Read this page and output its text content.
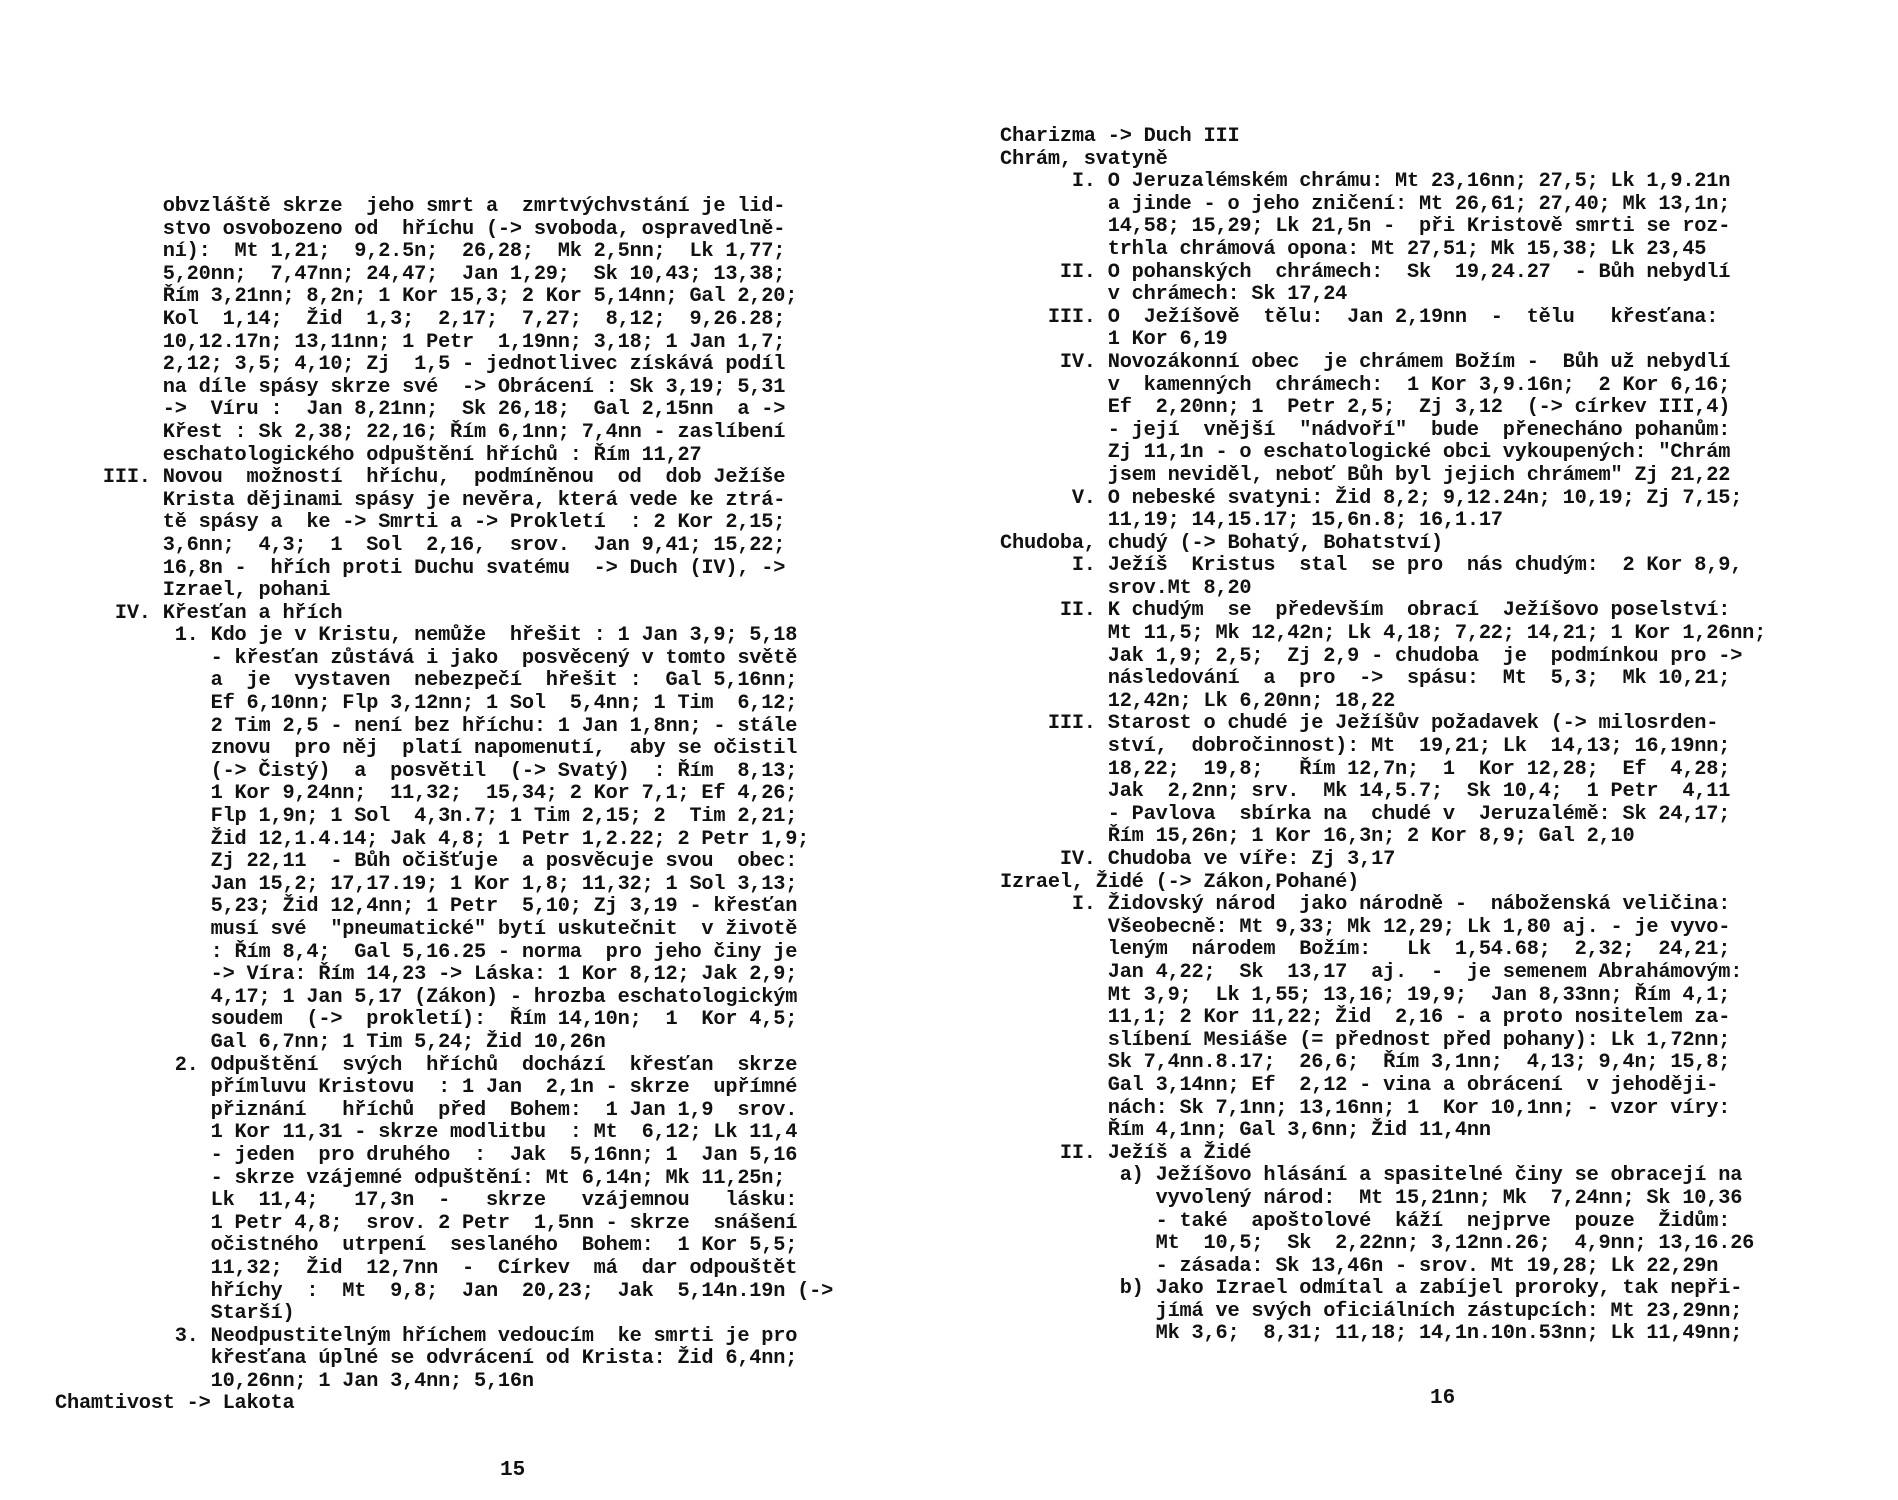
obvzláště skrze  jeho smrt a  zmrtvýchvstání je lid-
stvo osvobozeno od  hříchu (-> svoboda, ospravedlně-
ní):  Mt 1,21;  9,2.5n;  26,28;  Mk 2,5nn;  Lk 1,77;
5,20nn;  7,47nn; 24,47;  Jan 1,29;  Sk 10,43; 13,38;
Řím 3,21nn; 8,2n; 1 Kor 15,3; 2 Kor 5,14nn; Gal 2,20;
Kol  1,14;  Žid  1,3;  2,17;  7,27;  8,12;  9,26.28;
10,12.17n; 13,11nn; 1 Petr  1,19nn; 3,18; 1 Jan 1,7;
2,12; 3,5; 4,10; Zj  1,5 - jednotlivec získává podíl
na díle spásy skrze své  -> Obrácení : Sk 3,19; 5,31
->  Víru :  Jan 8,21nn;  Sk 26,18;  Gal 2,15nn  a ->
Křest : Sk 2,38; 22,16; Řím 6,1nn; 7,4nn - zaslíbení
eschatologického odpuštění hříchů : Řím 11,27
III. Novou  možností  hříchu,  podmíněnou  od  dob Ježíše
Krista dějinami spásy je nevěra, která vede ke ztrá-
tě spásy a  ke -> Smrti a -> Prokletí  : 2 Kor 2,15;
3,6nn;  4,3;  1  Sol  2,16,  srov.  Jan 9,41; 15,22;
16,8n -  hřích proti Duchu svatému  -> Duch (IV), ->
Izrael, pohani
IV. Křesťan a hřích
1. Kdo je v Kristu, nemůže  hřešit : 1 Jan 3,9; 5,18
- křesťan zůstává i jako  posvěcený v tomto světě
a  je  vystaven  nebezpečí  hřešit :  Gal 5,16nn;
Ef 6,10nn; Flp 3,12nn; 1 Sol  5,4nn; 1 Tim  6,12;
2 Tim 2,5 - není bez hříchu: 1 Jan 1,8nn; - stále
znovu  pro něj  platí napomenutí,  aby se očistil
(-> Čistý)  a  posvětil  (-> Svatý)  : Řím  8,13;
1 Kor 9,24nn;  11,32;  15,34; 2 Kor 7,1; Ef 4,26;
Flp 1,9n; 1 Sol  4,3n.7; 1 Tim 2,15; 2  Tim 2,21;
Žid 12,1.4.14; Jak 4,8; 1 Petr 1,2.22; 2 Petr 1,9;
Zj 22,11  - Bůh očišťuje  a posvěcuje svou  obec:
Jan 15,2; 17,17.19; 1 Kor 1,8; 11,32; 1 Sol 3,13;
5,23; Žid 12,4nn; 1 Petr  5,10; Zj 3,19 - křesťan
musí své  "pneumatické" bytí uskutečnit  v životě
: Řím 8,4;  Gal 5,16.25 - norma  pro jeho činy je
-> Víra: Řím 14,23 -> Láska: 1 Kor 8,12; Jak 2,9;
4,17; 1 Jan 5,17 (Zákon) - hrozba eschatologickým
soudem  (->  prokletí):  Řím 14,10n;  1  Kor 4,5;
Gal 6,7nn; 1 Tim 5,24; Žid 10,26n
2. Odpuštění  svých  hříchů  dochází  křesťan  skrze
přímluvu Kristovu  : 1 Jan  2,1n - skrze  upřímné
přiznání   hříchů  před  Bohem:  1 Jan 1,9  srov.
1 Kor 11,31 - skrze modlitbu  : Mt  6,12; Lk 11,4
- jeden  pro druhého  :  Jak  5,16nn; 1  Jan 5,16
- skrze vzájemné odpuštění: Mt 6,14n; Mk 11,25n;
Lk  11,4;   17,3n  -   skrze   vzájemnou   lásku:
1 Petr 4,8;  srov. 2 Petr  1,5nn - skrze  snášení
očistného  utrpení  seslaného  Bohem:  1 Kor 5,5;
11,32;  Žid  12,7nn  -  Církev  má  dar odpouštět
hříchy  :  Mt  9,8;  Jan  20,23;  Jak  5,14n.19n (->
Starší)
3. Neodpustitelným hříchem vedoucím  ke smrti je pro
křesťana úplné se odvrácení od Krista: Žid 6,4nn;
10,26nn; 1 Jan 3,4nn; 5,16n
Chamtivost -> Lakota
Charizma -> Duch III
Chrám, svatyně
I. O Jeruzalémském chrámu: Mt 23,16nn; 27,5; Lk 1,9.21n
a jinde - o jeho zničení: Mt 26,61; 27,40; Mk 13,1n;
14,58; 15,29; Lk 21,5n -  při Kristově smrti se roz-
trhla chrámová opona: Mt 27,51; Mk 15,38; Lk 23,45
II. O pohanských  chrámech:  Sk  19,24.27  - Bůh nebydlí
v chrámech: Sk 17,24
III. O  Ježíšově  tělu:  Jan 2,19nn  -  tělu   křesťana:
1 Kor 6,19
IV. Novozákonní obec  je chrámem Božím -  Bůh už nebydlí
v  kamenných  chrámech:  1 Kor 3,9.16n;  2 Kor 6,16;
Ef  2,20nn; 1  Petr 2,5;  Zj 3,12  (-> církev III,4)
- její  vnější  "nádvoří"  bude  přenecháno pohanům:
Zj 11,1n - o eschatologické obci vykoupených: "Chrám
jsem neviděl, neboť Bůh byl jejich chrámem" Zj 21,22
V. O nebeské svatyni: Žid 8,2; 9,12.24n; 10,19; Zj 7,15;
11,19; 14,15.17; 15,6n.8; 16,1.17
Chudoba, chudý (-> Bohatý, Bohatství)
I. Ježíš  Kristus  stal  se pro  nás chudým:  2 Kor 8,9,
srov.Mt 8,20
II. K chudým  se  především  obrací  Ježíšovo poselství:
Mt 11,5; Mk 12,42n; Lk 4,18; 7,22; 14,21; 1 Kor 1,26nn;
Jak 1,9; 2,5;  Zj 2,9 - chudoba  je  podmínkou pro ->
následování  a  pro  ->  spásu:  Mt  5,3;  Mk 10,21;
12,42n; Lk 6,20nn; 18,22
III. Starost o chudé je Ježíšův požadavek (-> milosrden-
ství,  dobročinnost): Mt  19,21; Lk  14,13; 16,19nn;
18,22;  19,8;   Řím 12,7n;  1  Kor 12,28;  Ef  4,28;
Jak  2,2nn; srv.  Mk 14,5.7;  Sk 10,4;  1 Petr  4,11
- Pavlova  sbírka na  chudé v  Jeruzalémě: Sk 24,17;
Řím 15,26n; 1 Kor 16,3n; 2 Kor 8,9; Gal 2,10
IV. Chudoba ve víře: Zj 3,17
Izrael, Židé (-> Zákon,Pohané)
I. Židovský národ  jako národně -  náboženská veličina:
Všeobecně: Mt 9,33; Mk 12,29; Lk 1,80 aj. - je vyvo-
leným  národem  Božím:   Lk  1,54.68;  2,32;  24,21;
Jan 4,22;  Sk  13,17  aj.  -  je semenem Abrahámovým:
Mt 3,9;  Lk 1,55; 13,16; 19,9;  Jan 8,33nn; Řím 4,1;
11,1; 2 Kor 11,22; Žid  2,16 - a proto nositelem za-
slíbení Mesiáše (= přednost před pohany): Lk 1,72nn;
Sk 7,4nn.8.17;  26,6;  Řím 3,1nn;  4,13; 9,4n; 15,8;
Gal 3,14nn; Ef  2,12 - vina a obrácení  v jehoději-
nách: Sk 7,1nn; 13,16nn; 1  Kor 10,1nn; - vzor víry:
Řím 4,1nn; Gal 3,6nn; Žid 11,4nn
II. Ježíš a Židé
a) Ježíšovo hlásání a spasitelné činy se obracejí na
vyvolený národ:  Mt 15,21nn; Mk  7,24nn; Sk 10,36
- také  apoštolové  káží  nejprve  pouze  Židům:
Mt  10,5;  Sk  2,22nn; 3,12nn.26;  4,9nn; 13,16.26
- zásada: Sk 13,46n - srov. Mt 19,28; Lk 22,29n
b) Jako Izrael odmítal a zabíjel proroky, tak nepři-
jímá ve svých oficiálních zástupcích: Mt 23,29nn;
Mk 3,6;  8,31; 11,18; 14,1n.10n.53nn; Lk 11,49nn;
15
16
